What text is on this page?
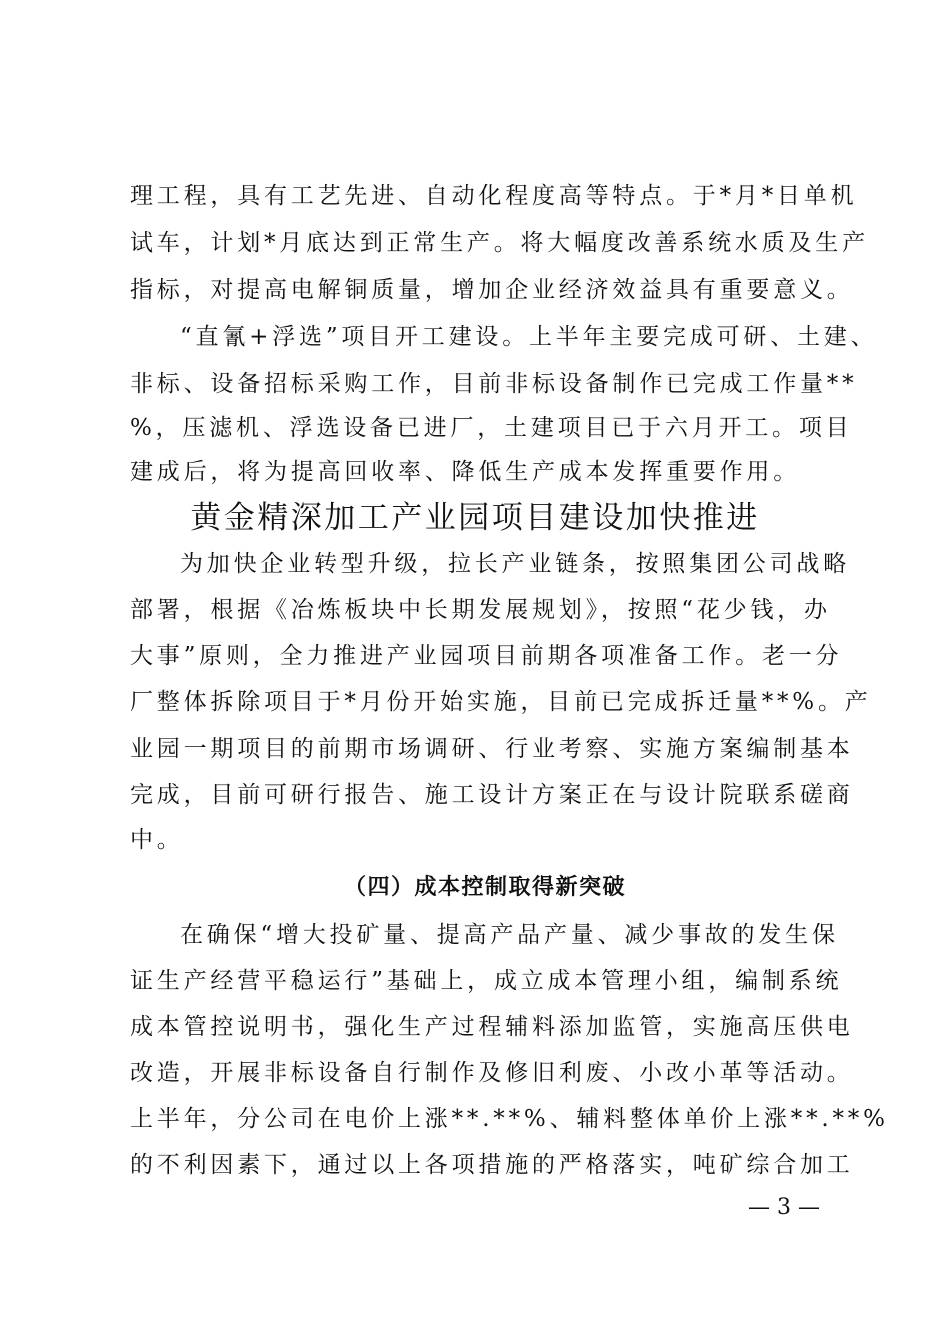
理工程，具有工艺先进、自动化程度高等特点。于*月*日单机

试车，计划*月底达到正常生产。将大幅度改善系统水质及生产

指标，对提高电解铜质量，增加企业经济效益具有重要意义。

“直氰+浮选”项目开工建设。上半年主要完成可研、土建、

非标、设备招标采购工作，目前非标设备制作已完成工作量**

%，压滤机、浮选设备已进厂，土建项目已于六月开工。项目

建成后，将为提高回收率、降低生产成本发挥重要作用。

黄金精深加工产业园项目建设加快推进

为加快企业转型升级，拉长产业链条，按照集团公司战略

部署，根据《冶炼板块中长期发展规划》，按照“花少钱，办

大事”原则，全力推进产业园项目前期各项准备工作。老一分

厂整体拆除项目于*月份开始实施，目前已完成拆迁量**%。产

业园一期项目的前期市场调研、行业考察、实施方案编制基本

完成，目前可研行报告、施工设计方案正在与设计院联系磋商

中。

（四）成本控制取得新突破

在确保“增大投矿量、提高产品产量、减少事故的发生保

证生产经营平稳运行”基础上，成立成本管理小组，编制系统

成本管控说明书，强化生产过程辅料添加监管，实施高压供电

改造，开展非标设备自行制作及修旧利废、小改小革等活动。

上半年，分公司在电价上涨**.**%、辅料整体单价上涨**.**%

的不利因素下，通过以上各项措施的严格落实，吨矿综合加工

— 3 —
